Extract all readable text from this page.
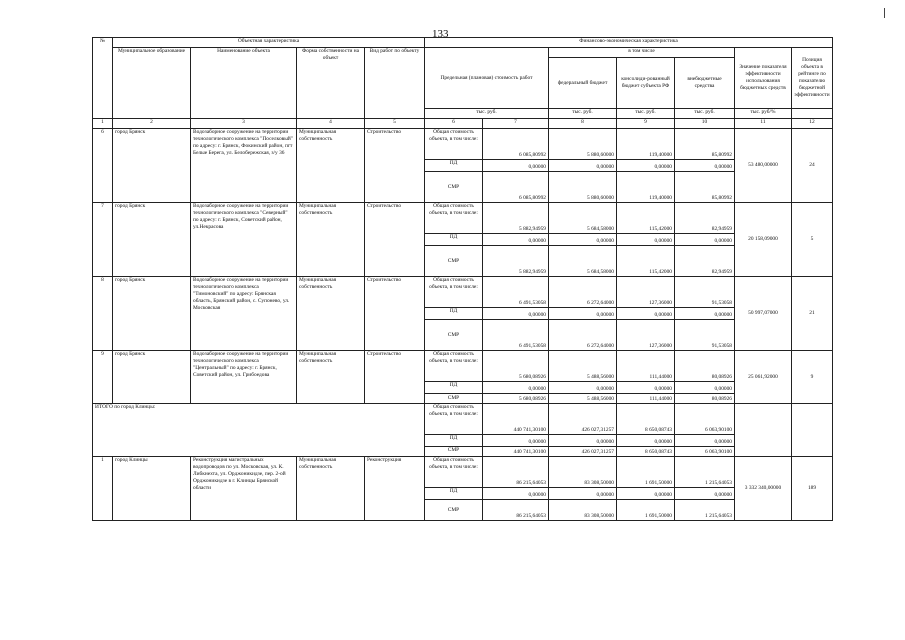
133
№	Объектная характеристика				Финансово-экономическая характеристика						
	Муниципальное образование	Наименование объекта	Форма собственности на объект	Вид работ по объекту	Предельная (плановая) стоимость работ		в том числе			Значение показателя эффективности использования бюджетных средств	Позиция объекта в рейтинге по показателю бюджетной эффективности
							федеральный бюджет	консолиди-рованный бюджет субъекта РФ	внебюджетные средства		
					тыс. руб.		тыс. руб.	тыс. руб.	тыс. руб.	тыс. руб/%	
1	2	3	4	5	6	7	8	9	10	11	12
6	город Брянск	Водозаборное сооружение на территории технологического комплекса "Поселковый" по адресу: г. Брянск, Фокинский район, пгт Белые Берега, ул. Белобережская, з/у 36	Муниципальная собственность	Строительство	Общая стоимость объекта, в том числе:	6 085,80992	5 880,60000	119,40000	85,80992	53 480,00000	24
					ПД	0,00000	0,00000	0,00000	0,00000		
					СМР	6 085,80992	5 880,60000	119,40000	85,80992		
7	город Брянск	Водозаборное сооружение на территории технологического комплекса "Северный" по адресу: г. Брянск, Советский район, ул.Некрасова	Муниципальная собственность	Строительство	Общая стоимость объекта, в том числе:	5 882,94959	5 684,58000	115,42000	82,94959	20 158,09000	5
					ПД	0,00000	0,00000	0,00000	0,00000		
					СМР	5 882,94959	5 684,58000	115,42000	82,94959		
8	город Брянск	Водозаборное сооружение на территории технологического комплекса "Тимоновский" по адресу: Брянская область, Брянский район, с. Супонево, ул. Московская	Муниципальная собственность	Строительство	Общая стоимость объекта, в том числе:	6 491,53058	6 272,64000	127,36000	91,53058	50 997,07000	21
					ПД	0,00000	0,00000	0,00000	0,00000		
					СМР	6 491,53058	6 272,64000	127,36000	91,53058		
9	город Брянск	Водозаборное сооружение на территории технологического комплекса "Центральный" по адресу: г. Брянск, Советский район, ул. Грибоедова	Муниципальная собственность	Строительство	Общая стоимость объекта, в том числе:	5 680,08926	5 488,56000	111,44000	80,08926	25 061,92000	9
					ПД	0,00000	0,00000	0,00000	0,00000		
					СМР	5 680,08926	5 488,56000	111,44000	80,08926		
ИТОГО по город Клинцы:					Общая стоимость объекта, в том числе:	440 741,30100	426 027,31257	8 650,08743	6 063,90100		
					ПД	0,00000	0,00000	0,00000	0,00000		
					СМР	440 741,30100	426 027,31257	8 650,08743	6 063,90100		
1	город Клинцы	Реконструкция магистральных водопроводов по ул. Московская, ул. К. Либкнехта, ул. Орджоникидзе, пер. 2-ой Орджоникидзе в г. Клинцы Брянской области	Муниципальная собственность	Реконструкция	Общая стоимость объекта, в том числе:	86 215,64053	83 308,50000	1 691,50000	1 215,64053	3 332 340,00000	189
					ПД	0,00000	0,00000	0,00000	0,00000		
					СМР	86 215,64053	83 308,50000	1 691,50000	1 215,64053		
